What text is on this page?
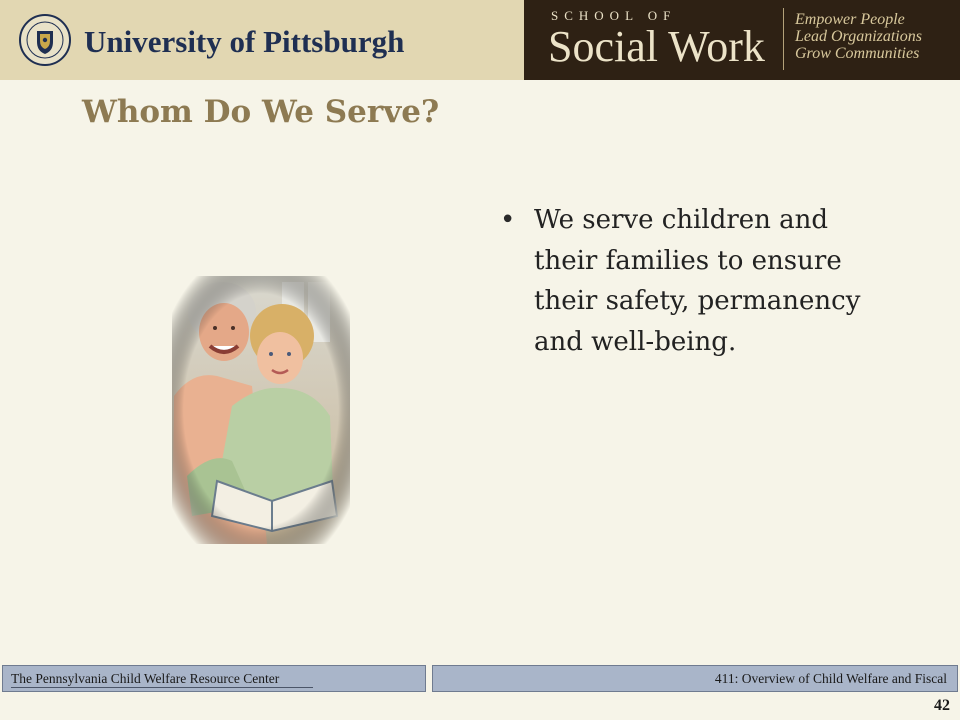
University of Pittsburgh
SCHOOL OF
Social Work
Empower People
Lead Organizations
Grow Communities
Whom Do We Serve?
• We serve children and their families to ensure their safety, permanency and well-being.
The Pennsylvania Child Welfare Resource Center	411: Overview of Child Welfare and Fiscal
42
